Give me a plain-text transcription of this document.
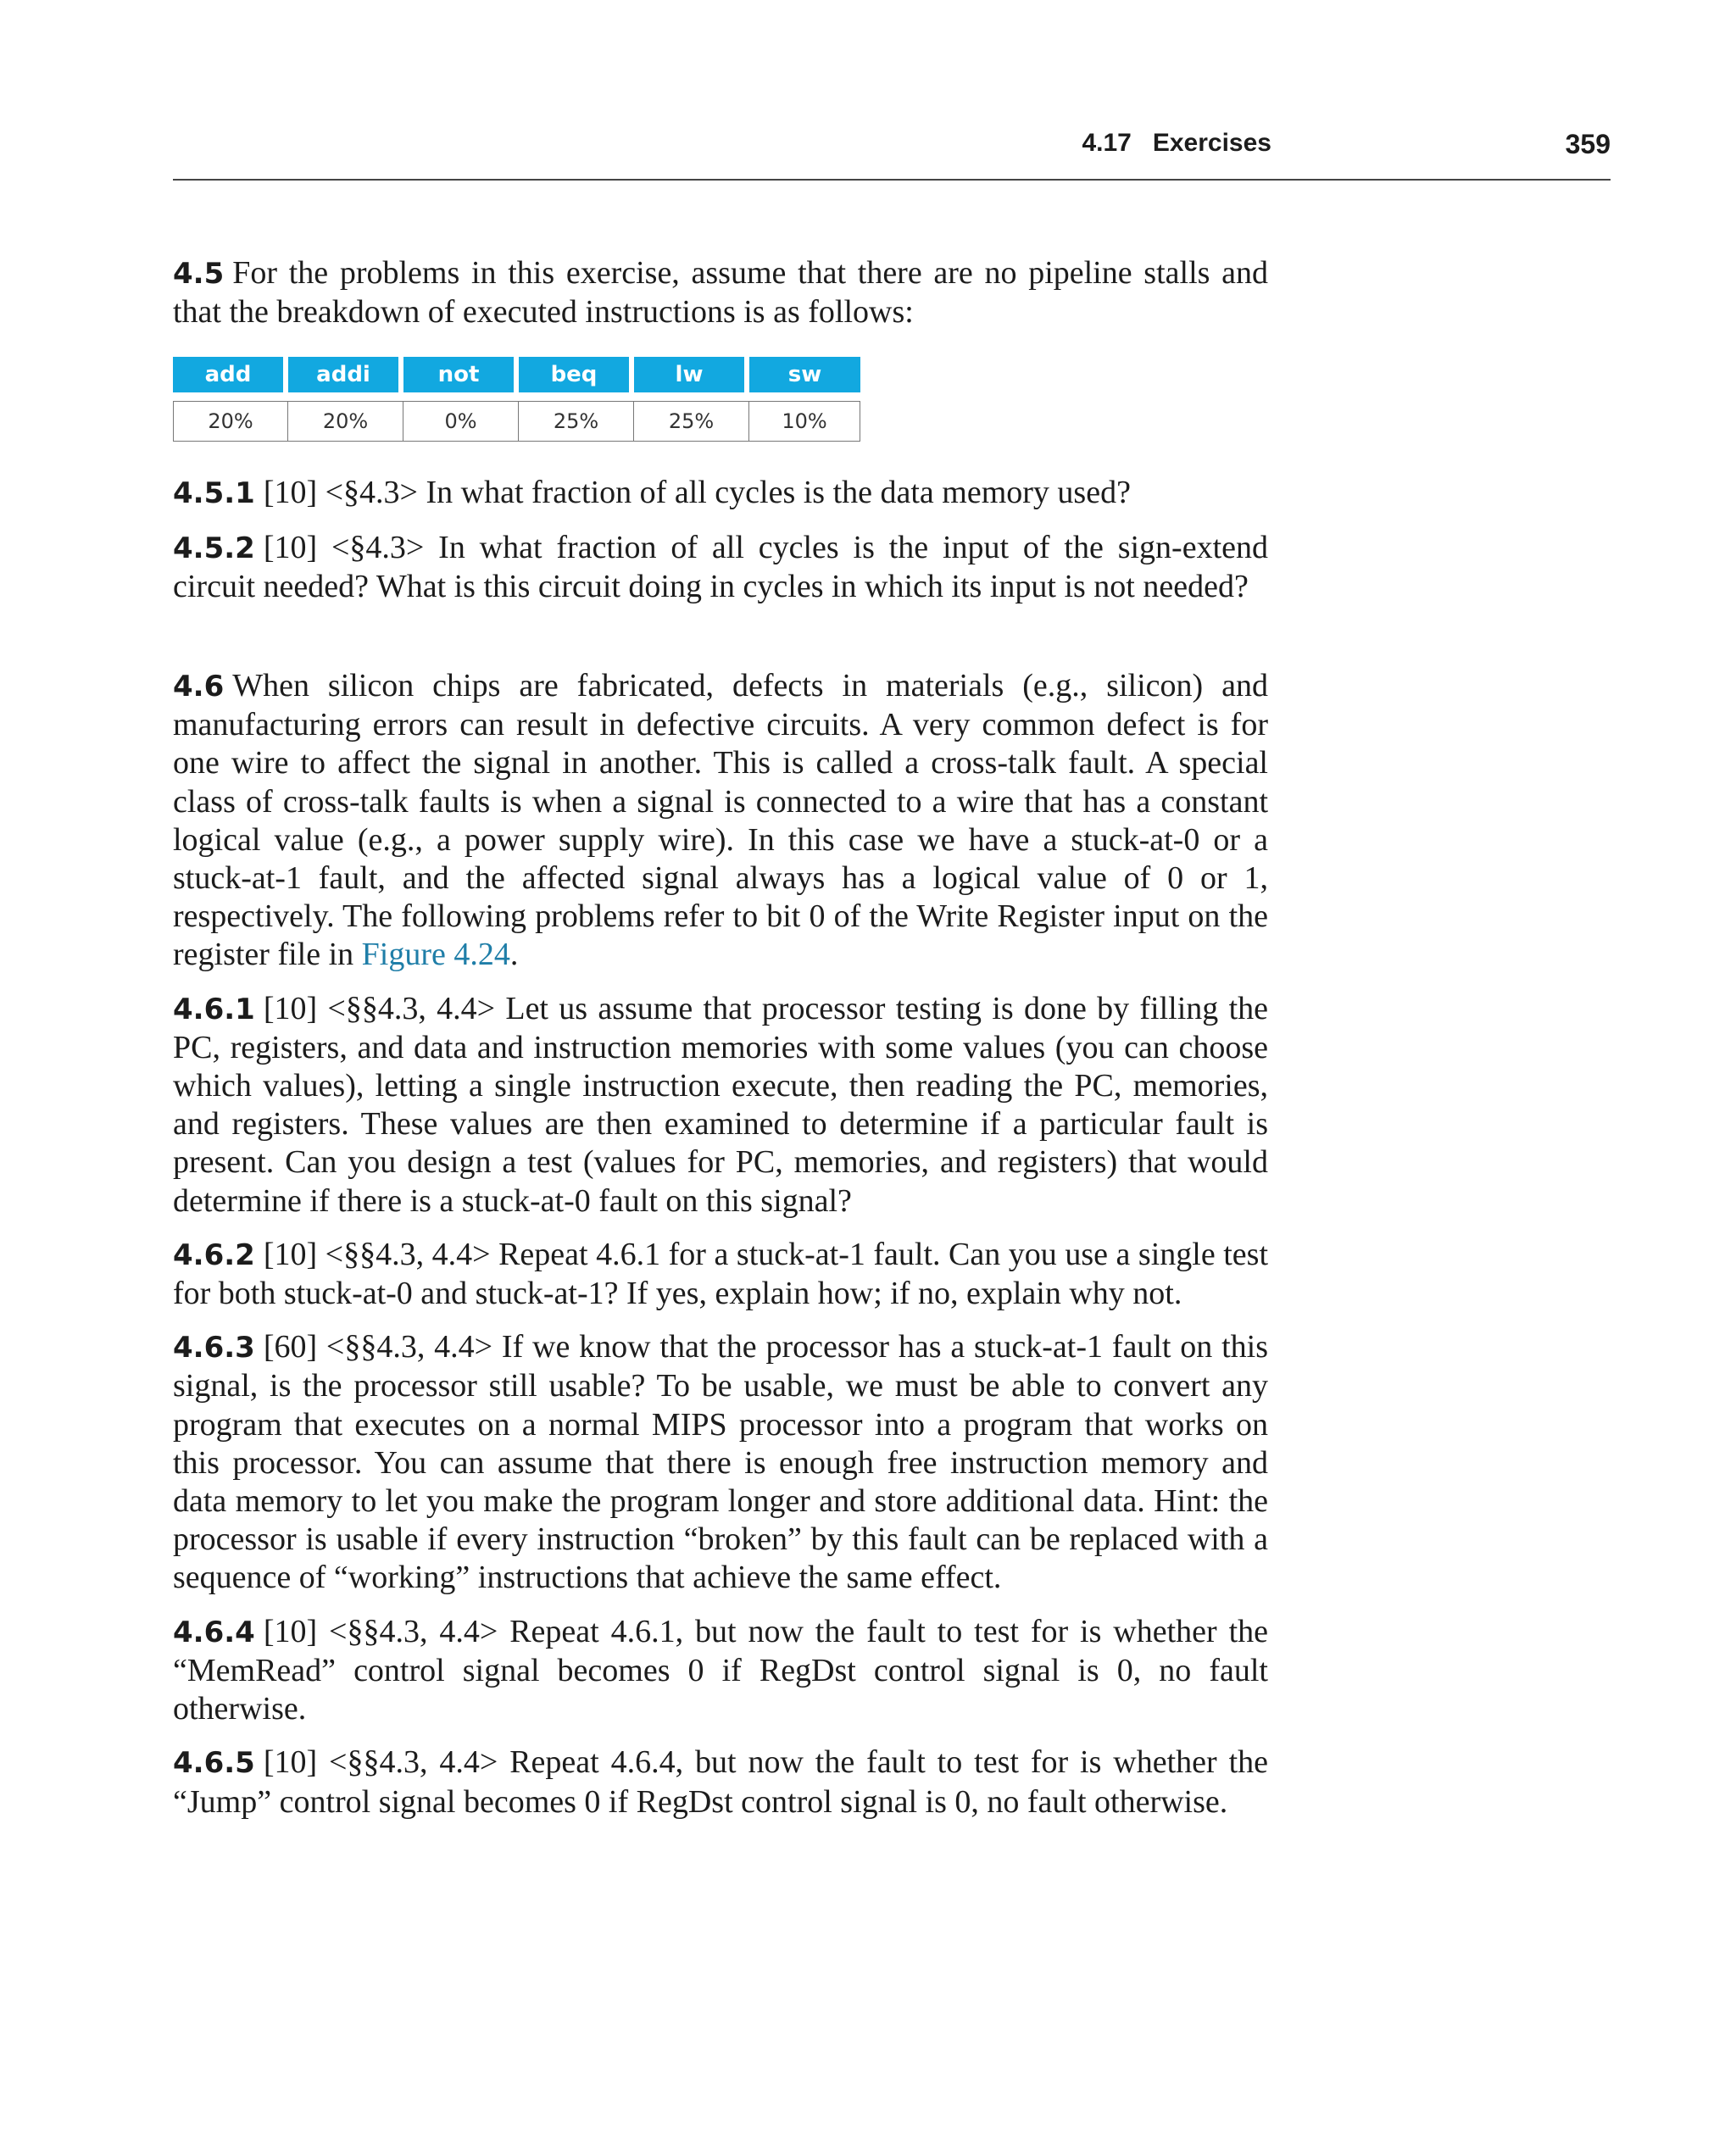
4.17   Exercises	359

4.5 For the problems in this exercise, assume that there are no pipeline stalls and that the breakdown of executed instructions is as follows:

add	addi	not	beq	lw	sw

20%	20%	0%	25%	25%	10%

4.5.1 [10] <§4.3> In what fraction of all cycles is the data memory used?

4.5.2 [10] <§4.3> In what fraction of all cycles is the input of the sign-extend circuit needed? What is this circuit doing in cycles in which its input is not needed?

4.6 When silicon chips are fabricated, defects in materials (e.g., silicon) and manufacturing errors can result in defective circuits. A very common defect is for one wire to affect the signal in another. This is called a cross-talk fault. A special class of cross-talk faults is when a signal is connected to a wire that has a constant logical value (e.g., a power supply wire). In this case we have a stuck-at-0 or a stuck-at-1 fault, and the affected signal always has a logical value of 0 or 1, respectively. The following problems refer to bit 0 of the Write Register input on the register file in Figure 4.24.

4.6.1 [10] <§§4.3, 4.4> Let us assume that processor testing is done by filling the PC, registers, and data and instruction memories with some values (you can choose which values), letting a single instruction execute, then reading the PC, memories, and registers. These values are then examined to determine if a particular fault is present. Can you design a test (values for PC, memories, and registers) that would determine if there is a stuck-at-0 fault on this signal?

4.6.2 [10] <§§4.3, 4.4> Repeat 4.6.1 for a stuck-at-1 fault. Can you use a single test for both stuck-at-0 and stuck-at-1? If yes, explain how; if no, explain why not.

4.6.3 [60] <§§4.3, 4.4> If we know that the processor has a stuck-at-1 fault on this signal, is the processor still usable? To be usable, we must be able to convert any program that executes on a normal MIPS processor into a program that works on this processor. You can assume that there is enough free instruction memory and data memory to let you make the program longer and store additional data. Hint: the processor is usable if every instruction “broken” by this fault can be replaced with a sequence of “working” instructions that achieve the same effect.

4.6.4 [10] <§§4.3, 4.4> Repeat 4.6.1, but now the fault to test for is whether the “MemRead” control signal becomes 0 if RegDst control signal is 0, no fault otherwise.

4.6.5 [10] <§§4.3, 4.4> Repeat 4.6.4, but now the fault to test for is whether the “Jump” control signal becomes 0 if RegDst control signal is 0, no fault otherwise.
